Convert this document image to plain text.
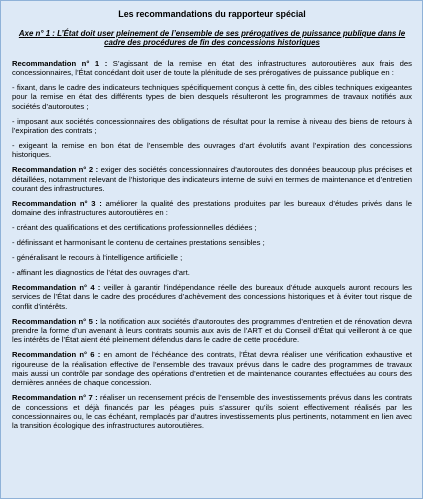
Les recommandations du rapporteur spécial
Axe n° 1 : L’État doit user pleinement de l’ensemble de ses prérogatives de puissance publique dans le cadre des procédures de fin des concessions historiques

Recommandation n° 1 : S’agissant de la remise en état des infrastructures autoroutières aux frais des concessionnaires, l’État concédant doit user de toute la plénitude de ses prérogatives de puissance publique en :

- fixant, dans le cadre des indicateurs techniques spécifiquement conçus à cette fin, des cibles techniques exigeantes pour la remise en état des différents types de bien desquels résulteront les programmes de travaux notifiés aux sociétés d’autoroutes ;

- imposant aux sociétés concessionnaires des obligations de résultat pour la remise à niveau des biens de retours à l’expiration des contrats ;

- exigeant la remise en bon état de l’ensemble des ouvrages d’art évolutifs avant l’expiration des concessions historiques.

Recommandation n° 2 : exiger des sociétés concessionnaires d’autoroutes des données beaucoup plus précises et détaillées, notamment relevant de l’historique des indicateurs interne de suivi en termes de maintenance et d’entretien courant des infrastructures.

Recommandation n° 3 : améliorer la qualité des prestations produites par les bureaux d’études privés dans le domaine des infrastructures autoroutières en :

- créant des qualifications et des certifications professionnelles dédiées ;

- définissant et harmonisant le contenu de certaines prestations sensibles ;

- généralisant le recours à l’intelligence artificielle ;

- affinant les diagnostics de l’état des ouvrages d’art.

Recommandation n° 4 : veiller à garantir l’indépendance réelle des bureaux d’étude auxquels auront recours les services de l’État dans le cadre des procédures d’achèvement des concessions historiques et à éviter tout risque de conflit d’intérêts.

Recommandation n° 5 : la notification aux sociétés d’autoroutes des programmes d’entretien et de rénovation devra prendre la forme d’un avenant à leurs contrats soumis aux avis de l’ART et du Conseil d’État qui veilleront à ce que les intérêts de l’État aient été pleinement défendus dans le cadre de cette procédure.

Recommandation n° 6 : en amont de l’échéance des contrats, l’État devra réaliser une vérification exhaustive et rigoureuse de la réalisation effective de l’ensemble des travaux prévus dans le cadre des programmes de travaux mais aussi un contrôle par sondage des opérations d’entretien et de maintenance courantes effectuées au cours des dernières années de chaque concession.

Recommandation n° 7 : réaliser un recensement précis de l’ensemble des investissements prévus dans les contrats de concessions et déjà financés par les péages puis s’assurer qu’ils soient effectivement réalisés par les concessionnaires ou, le cas échéant, remplacés par d’autres investissements plus pertinents, notamment en lien avec la transition écologique des infrastructures autoroutières.
